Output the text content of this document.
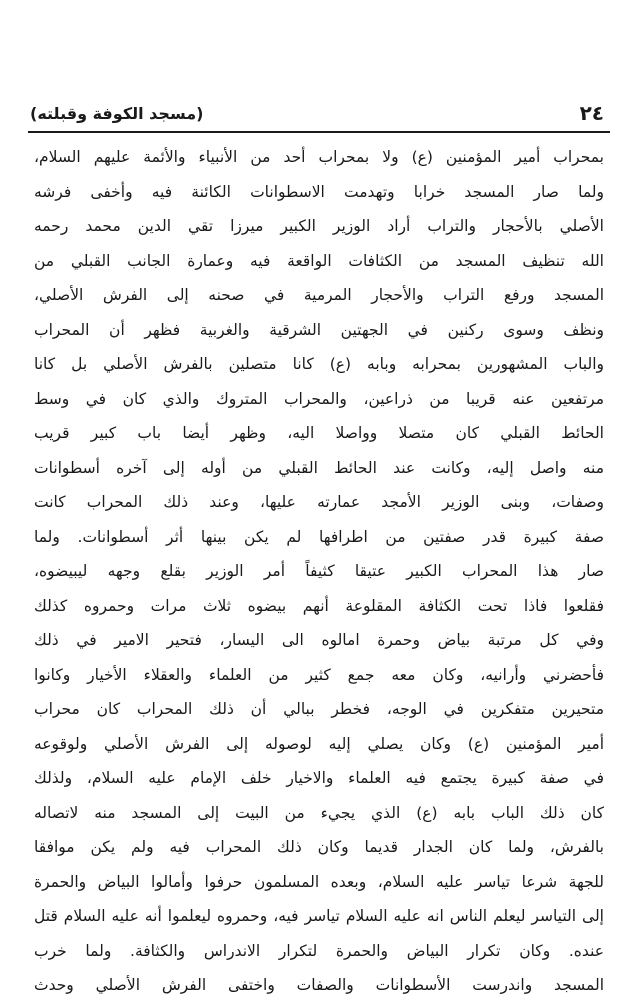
٢٤
(مسجد الكوفة وقبلته)
بمحراب أمير المؤمنين (ع) ولا بمحراب أحد من الأنبياء والأئمة عليهم السلام،
ولما صار المسجد خرابا وتهدمت الاسطوانات الكائنة فيه وأخفى فرشه
الأصلي بالأحجار والتراب أراد الوزير الكبير ميرزا تقي الدين محمد رحمه
الله تنظيف المسجد من الكثافات الواقعة فيه وعمارة الجانب القبلي من
المسجد ورفع التراب والأحجار المرمية في صحنه إلى الفرش الأصلي،
ونظف وسوى ركنين في الجهتين الشرقية والغربية فظهر أن المحراب
والباب المشهورين بمحرابه وبابه (ع) كانا متصلين بالفرش الأصلي بل كانا
مرتفعين عنه قريبا من ذراعين، والمحراب المتروك والذي كان في وسط
الحائط القبلي كان متصلا وواصلا اليه، وظهر أيضا باب كبير قريب
منه واصل إليه، وكانت عند الحائط القبلي من أوله إلى آخره أسطوانات
وصفات، وبنى الوزير الأمجد عمارته عليها، وعند ذلك المحراب كانت
صفة كبيرة قدر صفتين من اطرافها لم يكن بينها أثر أسطوانات. ولما
صار هذا المحراب الكبير عتيقا كثيفاً أمر الوزير بقلع وجهه ليبيضوه،
فقلعوا فاذا تحت الكثافة المقلوعة أنهم بيضوه ثلاث مرات وحمروه كذلك
وفي كل مرتبة بياض وحمرة امالوه الى اليسار، فتحير الامير في ذلك
فأحضرني وأرانيه، وكان معه جمع كثير من العلماء والعقلاء الأخيار وكانوا
متحيرين متفكرين في الوجه، فخطر ببالي أن ذلك المحراب كان محراب
أمير المؤمنين (ع) وكان يصلي إليه لوصوله إلى الفرش الأصلي ولوقوعه
في صفة كبيرة يجتمع فيه العلماء والاخيار خلف الإمام عليه السلام، ولذلك
كان ذلك الباب بابه (ع) الذي يجيء من البيت إلى المسجد منه لاتصاله
بالفرش، ولما كان الجدار قديما وكان ذلك المحراب فيه ولم يكن موافقا
للجهة شرعا تياسر عليه السلام، وبعده المسلمون حرفوا وأمالوا البياض والحمرة
إلى التياسر ليعلم الناس انه عليه السلام تياسر فيه، وحمروه ليعلموا أنه عليه السلام قتل
عنده. وكان تكرار البياض والحمرة لتكرار الاندراس والكثافة. ولما خرب
المسجد واندرست الأسطوانات والصفات واختفى الفرش الأصلي وحدث
